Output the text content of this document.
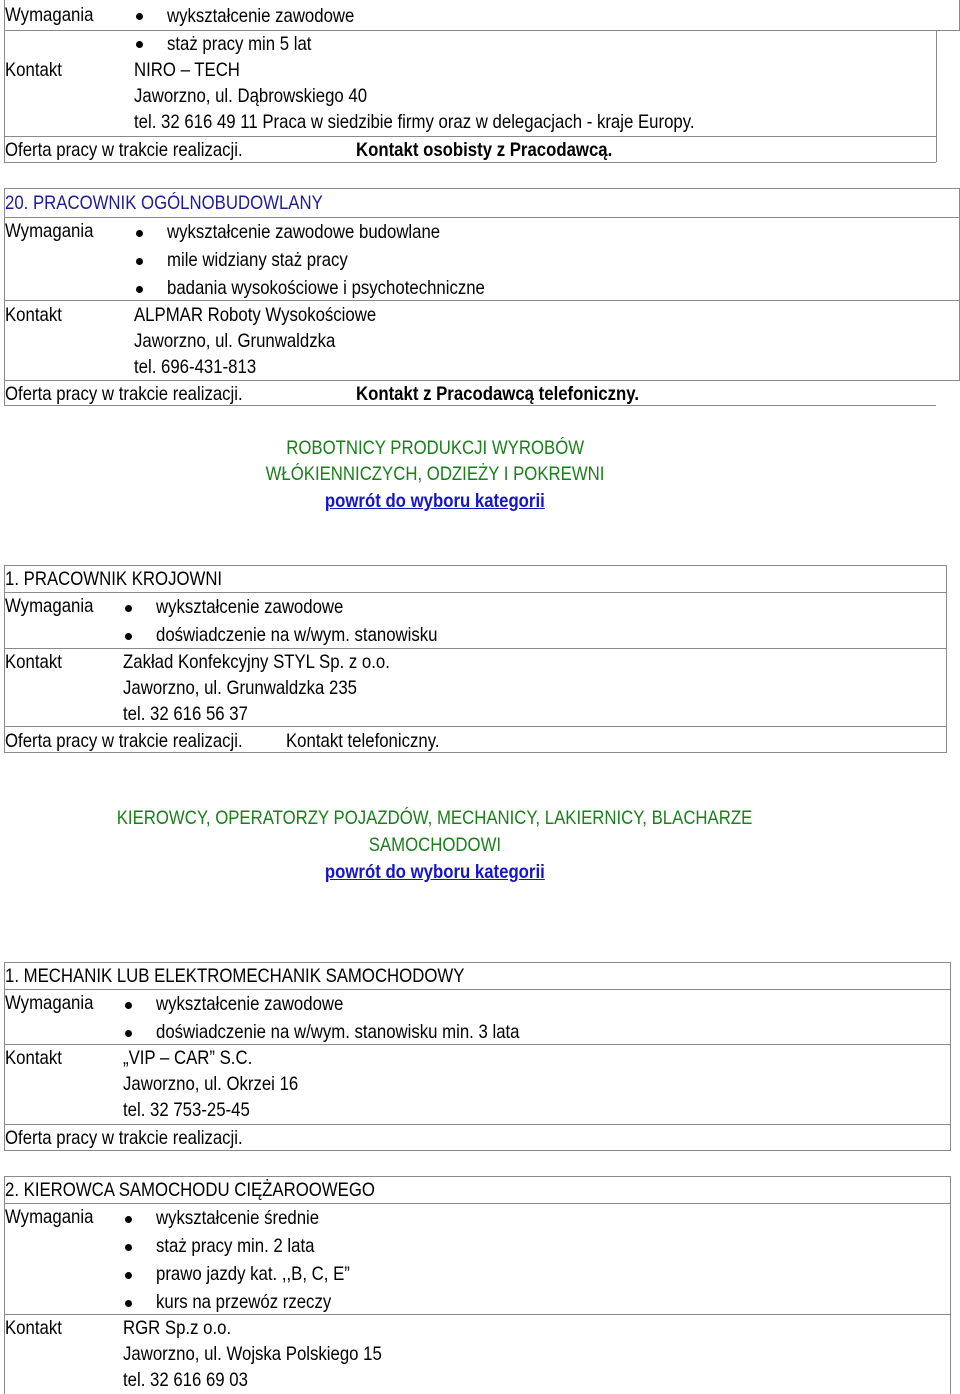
Wymagania	wykształcenie zawodowe
staż pracy min 5 lat
Kontakt	NIRO – TECH
Jaworzno, ul. Dąbrowskiego 40
tel. 32 616 49 11 Praca w siedzibie firmy oraz w delegacjach - kraje Europy.
Oferta pracy w trakcie realizacji.	Kontakt osobisty z Pracodawcą.
20. PRACOWNIK OGÓLNOBUDOWLANY
Wymagania	wykształcenie zawodowe budowlane
mile widziany staż pracy
badania wysokościowe i psychotechniczne
Kontakt	ALPMAR Roboty Wysokościowe
Jaworzno, ul. Grunwaldzka
tel. 696-431-813
Oferta pracy w trakcie realizacji.	Kontakt z Pracodawcą telefoniczny.
ROBOTNICY PRODUKCJI WYROBÓW
WŁÓKIENNICZYCH, ODZIEŻY I POKREWNI
powrót do wyboru kategorii
1. PRACOWNIK KROJOWNI
Wymagania	wykształcenie zawodowe
doświadczenie na w/wym. stanowisku
Kontakt	Zakład Konfekcyjny STYL Sp. z o.o.
Jaworzno, ul. Grunwaldzka 235
tel. 32 616 56 37
Oferta pracy w trakcie realizacji.	Kontakt telefoniczny.
KIEROWCY, OPERATORZY POJAZDÓW, MECHANICY, LAKIERNICY, BLACHARZE
SAMOCHODOWI
powrót do wyboru kategorii
1. MECHANIK LUB ELEKTROMECHANIK SAMOCHODOWY
Wymagania	wykształcenie zawodowe
doświadczenie na w/wym. stanowisku min. 3 lata
Kontakt	„VIP – CAR” S.C.
Jaworzno, ul. Okrzei 16
tel. 32 753-25-45
Oferta pracy w trakcie realizacji.
2. KIEROWCA SAMOCHODU CIĘŻAROOWEGO
Wymagania	wykształcenie średnie
staż pracy min. 2 lata
prawo jazdy kat. ,,B, C, E”
kurs na przewóz rzeczy
Kontakt	RGR Sp.z o.o.
Jaworzno, ul. Wojska Polskiego 15
tel. 32 616 69 03
